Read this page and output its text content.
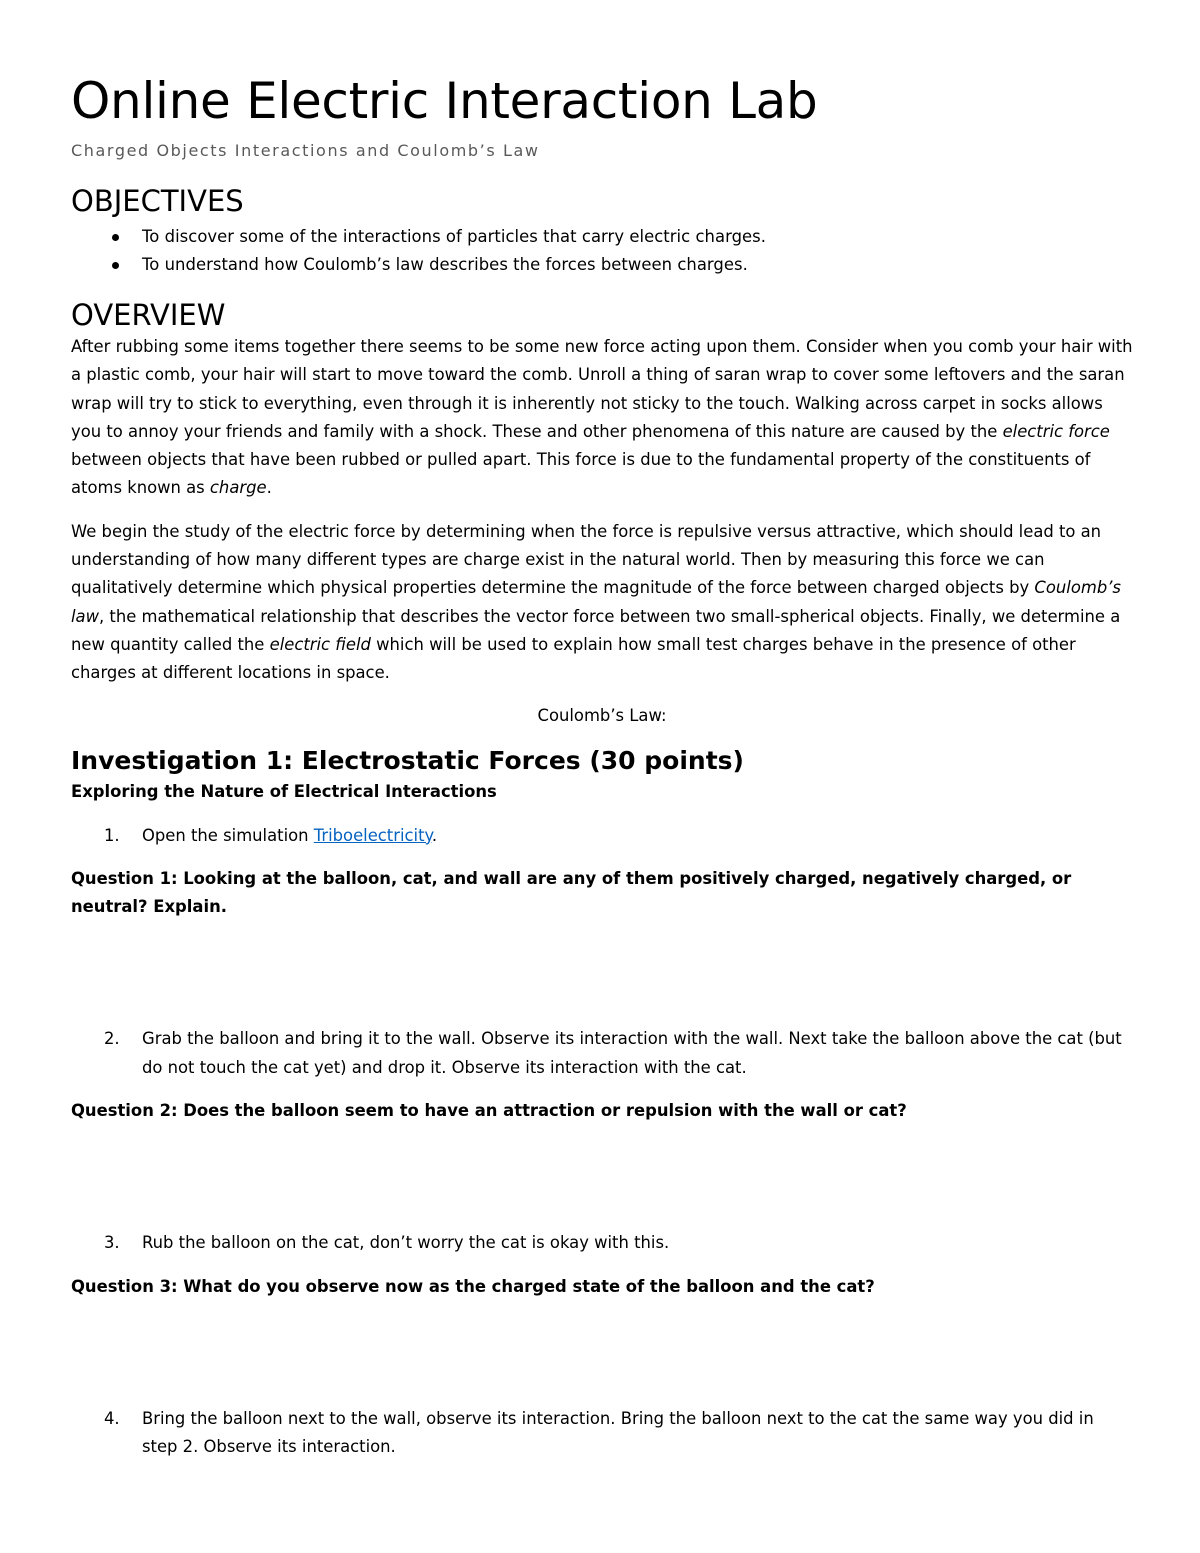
Online Electric Interaction Lab
Charged Objects Interactions and Coulomb’s Law
OBJECTIVES
To discover some of the interactions of particles that carry electric charges.
To understand how Coulomb’s law describes the forces between charges.
OVERVIEW

After rubbing some items together there seems to be some new force acting upon them. Consider when you comb your hair with a plastic comb, your hair will start to move toward the comb. Unroll a thing of saran wrap to cover some leftovers and the saran wrap will try to stick to everything, even through it is inherently not sticky to the touch. Walking across carpet in socks allows you to annoy your friends and family with a shock. These and other phenomena of this nature are caused by the electric force between objects that have been rubbed or pulled apart. This force is due to the fundamental property of the constituents of atoms known as charge.

We begin the study of the electric force by determining when the force is repulsive versus attractive, which should lead to an understanding of how many different types are charge exist in the natural world. Then by measuring this force we can qualitatively determine which physical properties determine the magnitude of the force between charged objects by Coulomb’s law, the mathematical relationship that describes the vector force between two small-spherical objects. Finally, we determine a new quantity called the electric field which will be used to explain how small test charges behave in the presence of other charges at different locations in space.

Coulomb’s Law:
Investigation 1: Electrostatic Forces (30 points)
Exploring the Nature of Electrical Interactions

1. Open the simulation Triboelectricity.

Question 1: Looking at the balloon, cat, and wall are any of them positively charged, negatively charged, or neutral? Explain.

2. Grab the balloon and bring it to the wall. Observe its interaction with the wall. Next take the balloon above the cat (but do not touch the cat yet) and drop it. Observe its interaction with the cat.

Question 2: Does the balloon seem to have an attraction or repulsion with the wall or cat?

3. Rub the balloon on the cat, don’t worry the cat is okay with this.

Question 3: What do you observe now as the charged state of the balloon and the cat?

4. Bring the balloon next to the wall, observe its interaction. Bring the balloon next to the cat the same way you did in step 2. Observe its interaction.
